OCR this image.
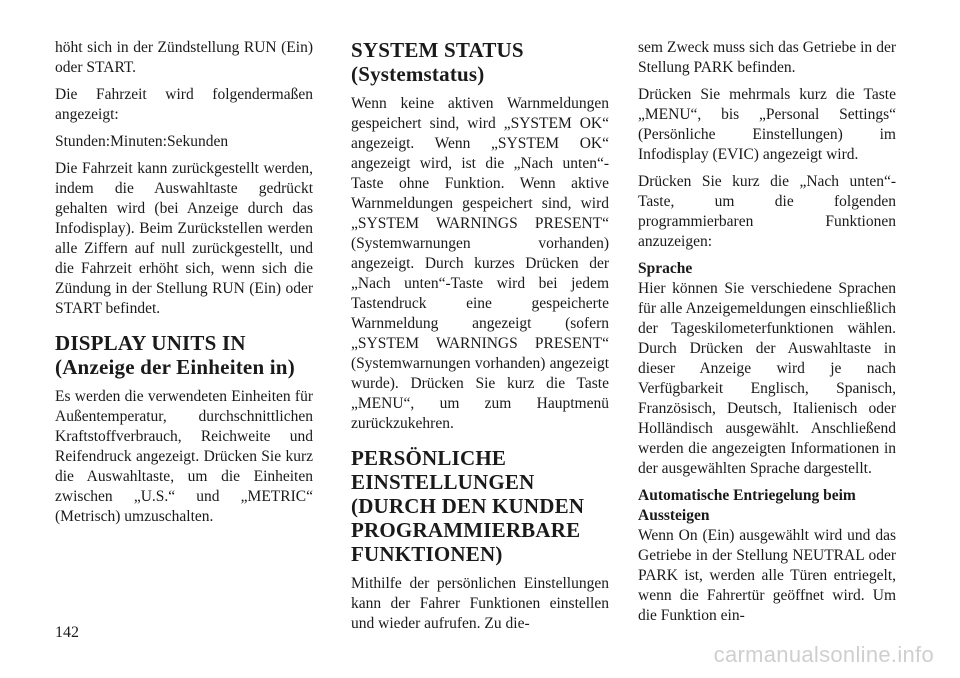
höht sich in der Zündstellung RUN (Ein) oder START.

Die Fahrzeit wird folgendermaßen angezeigt:

Stunden:Minuten:Sekunden

Die Fahrzeit kann zurückgestellt werden, indem die Auswahltaste gedrückt gehalten wird (bei Anzeige durch das Infodisplay). Beim Zurückstellen werden alle Ziffern auf null zurückgestellt, und die Fahrzeit erhöht sich, wenn sich die Zündung in der Stellung RUN (Ein) oder START befindet.

DISPLAY UNITS IN
(Anzeige der Einheiten in)

Es werden die verwendeten Einheiten für Außentemperatur, durchschnittlichen Kraftstoffverbrauch, Reichweite und Reifendruck angezeigt. Drücken Sie kurz die Auswahltaste, um die Einheiten zwischen „U.S.“ und „METRIC“ (Metrisch) umzuschalten.

SYSTEM STATUS
(Systemstatus)

Wenn keine aktiven Warnmeldungen gespeichert sind, wird „SYSTEM OK“ angezeigt. Wenn „SYSTEM OK“ angezeigt wird, ist die „Nach unten“-Taste ohne Funktion. Wenn aktive Warnmeldungen gespeichert sind, wird „SYSTEM WARNINGS PRESENT“ (Systemwarnungen vorhanden) angezeigt. Durch kurzes Drücken der „Nach unten“-Taste wird bei jedem Tastendruck eine gespeicherte Warnmeldung angezeigt (sofern „SYSTEM WARNINGS PRESENT“ (Systemwarnungen vorhanden) angezeigt wurde). Drücken Sie kurz die Taste „MENU“, um zum Hauptmenü zurückzukehren.

PERSÖNLICHE EINSTELLUNGEN (DURCH DEN KUNDEN PROGRAMMIERBARE
FUNKTIONEN)

Mithilfe der persönlichen Einstellungen kann der Fahrer Funktionen einstellen und wieder aufrufen. Zu die-

sem Zweck muss sich das Getriebe in der Stellung PARK befinden.

Drücken Sie mehrmals kurz die Taste „MENU“, bis „Personal Settings“ (Persönliche Einstellungen) im Infodisplay (EVIC) angezeigt wird.

Drücken Sie kurz die „Nach unten“-Taste, um die folgenden programmierbaren Funktionen anzuzeigen:

Sprache

Hier können Sie verschiedene Sprachen für alle Anzeigemeldungen einschließlich der Tageskilometerfunktionen wählen. Durch Drücken der Auswahltaste in dieser Anzeige wird je nach Verfügbarkeit Englisch, Spanisch, Französisch, Deutsch, Italienisch oder Holländisch ausgewählt. Anschließend werden die angezeigten Informationen in der ausgewählten Sprache dargestellt.

Automatische Entriegelung beim Aussteigen

Wenn On (Ein) ausgewählt wird und das Getriebe in der Stellung NEUTRAL oder PARK ist, werden alle Türen entriegelt, wenn die Fahrertür geöffnet wird. Um die Funktion ein-

142
carmanualsonline.info
